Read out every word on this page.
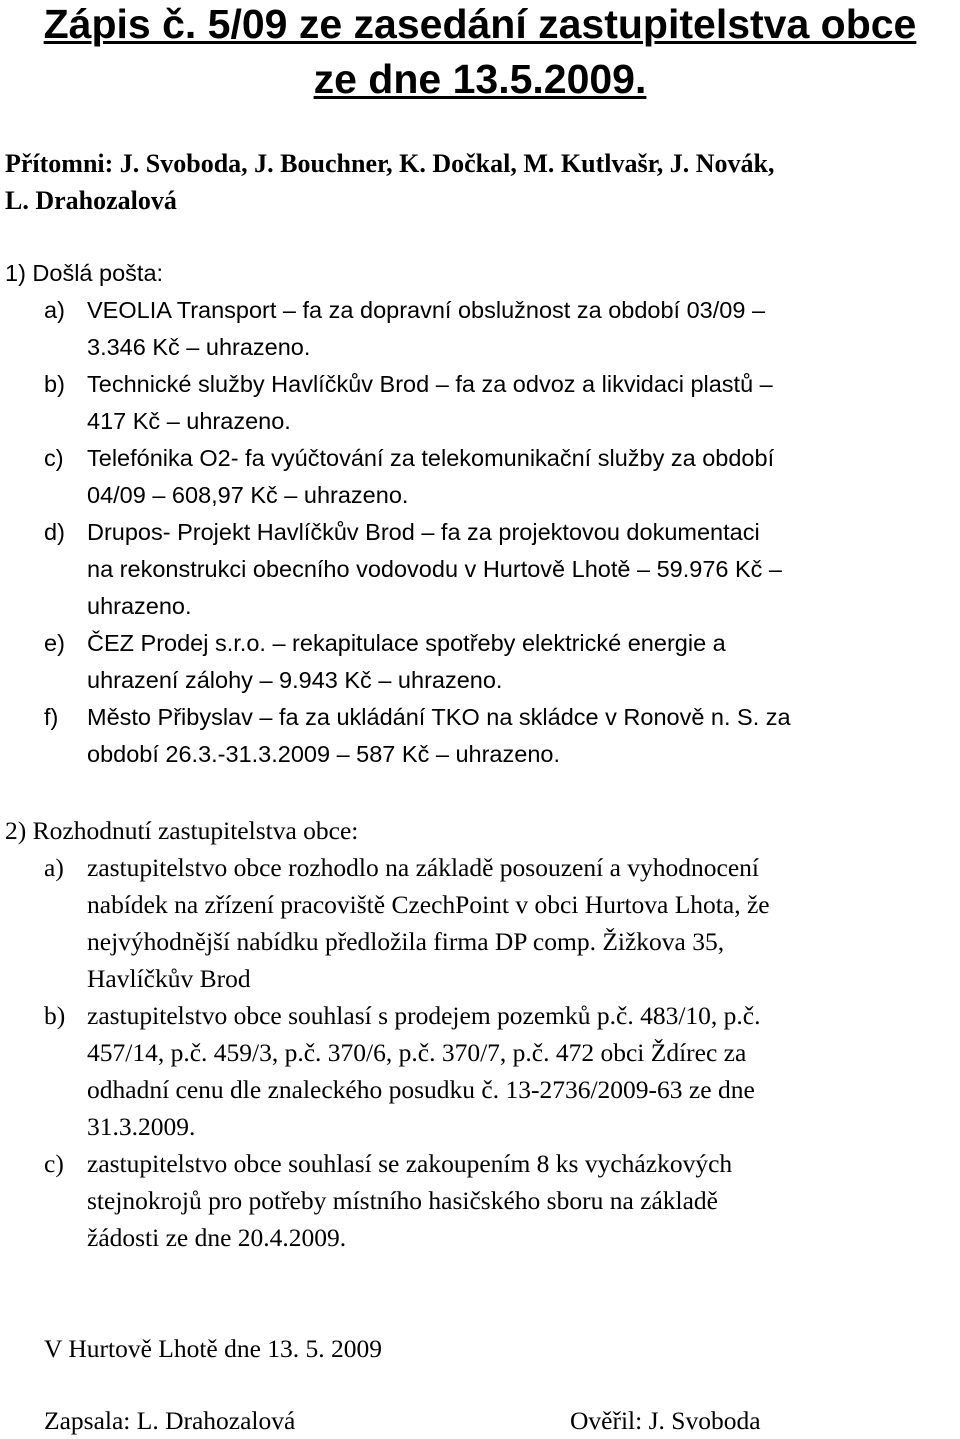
Zápis č. 5/09 ze zasedání zastupitelstva obce
ze dne 13.5.2009.
Přítomni: J. Svoboda, J. Bouchner, K. Dočkal, M. Kutlvašr, J. Novák,
L. Drahozalová
1) Došlá pošta:
a) VEOLIA Transport – fa za dopravní obslužnost za období 03/09 –
3.346 Kč – uhrazeno.
b) Technické služby Havlíčkův Brod – fa za odvoz a likvidaci plastů –
417 Kč – uhrazeno.
c) Telefónika O2- fa vyúčtování za telekomunikační služby za období
04/09 – 608,97 Kč – uhrazeno.
d) Drupos- Projekt Havlíčkův Brod – fa za projektovou dokumentaci
na rekonstrukci obecního vodovodu v Hurtově Lhotě – 59.976 Kč –
uhrazeno.
e) ČEZ Prodej s.r.o. – rekapitulace spotřeby elektrické energie a
uhrazení zálohy – 9.943 Kč – uhrazeno.
f) Město Přibyslav – fa za ukládání TKO na skládce v Ronově n. S. za
období 26.3.-31.3.2009 – 587 Kč – uhrazeno.
2) Rozhodnutí zastupitelstva obce:
a) zastupitelstvo obce rozhodlo na základě posouzení a vyhodnocení
nabídek na zřízení pracoviště CzechPoint v obci Hurtova Lhota, že
nejvýhodnější nabídku předložila firma DP comp. Žižkova 35,
Havlíčkův Brod
b) zastupitelstvo obce souhlasí s prodejem pozemků p.č. 483/10, p.č.
457/14, p.č. 459/3, p.č. 370/6, p.č. 370/7, p.č. 472 obci Ždírec za
odhadní cenu dle znaleckého posudku č. 13-2736/2009-63 ze dne
31.3.2009.
c) zastupitelstvo obce souhlasí se zakoupením 8 ks vycházkových
stejnokrojů pro potřeby místního hasičského sboru na základě
žádosti ze dne 20.4.2009.
V Hurtově Lhotě dne 13. 5. 2009
Zapsala: L. Drahozalová	Ověřil: J. Svoboda
